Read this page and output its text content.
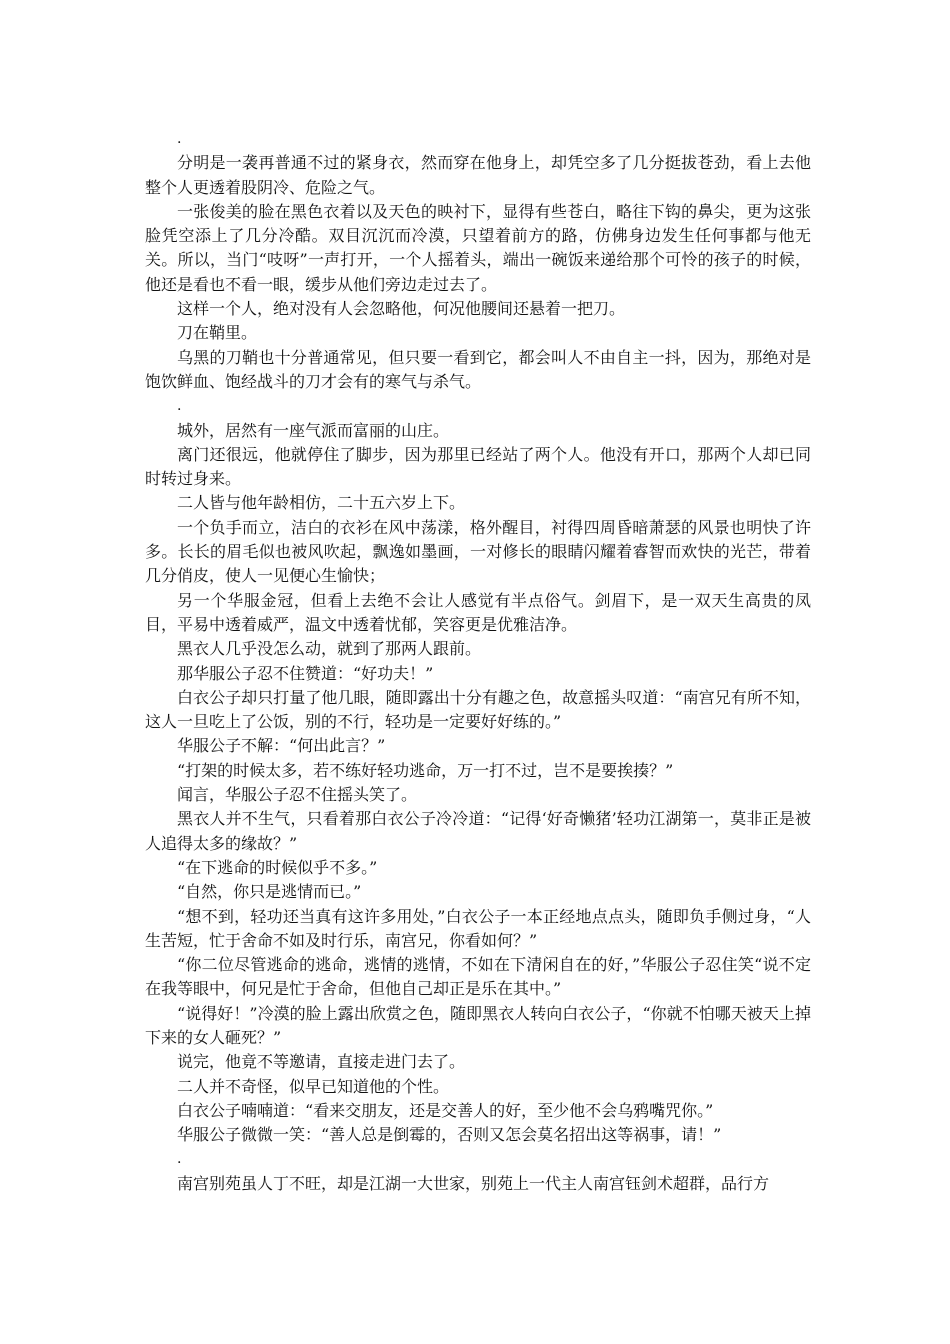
.

分明是一袭再普通不过的紧身衣，然而穿在他身上，却凭空多了几分挺拔苍劲，看上去他整个人更透着股阴冷、危险之气。

一张俊美的脸在黑色衣着以及天色的映衬下，显得有些苍白，略往下钩的鼻尖，更为这张脸凭空添上了几分冷酷。双目沉沉而冷漠，只望着前方的路，仿佛身边发生任何事都与他无关。所以，当门“吱呀”一声打开，一个人摇着头，端出一碗饭来递给那个可怜的孩子的时候，他还是看也不看一眼，缓步从他们旁边走过去了。

这样一个人，绝对没有人会忽略他，何况他腰间还悬着一把刀。

刀在鞘里。

乌黑的刀鞘也十分普通常见，但只要一看到它，都会叫人不由自主一抖，因为，那绝对是饱饮鲜血、饱经战斗的刀才会有的寒气与杀气。

.

城外，居然有一座气派而富丽的山庄。

离门还很远，他就停住了脚步，因为那里已经站了两个人。他没有开口，那两个人却已同时转过身来。

二人皆与他年龄相仿，二十五六岁上下。

一个负手而立，洁白的衣衫在风中荡漾，格外醒目，衬得四周昏暗萧瑟的风景也明快了许多。长长的眉毛似也被风吹起，飘逸如墨画，一对修长的眼睛闪耀着睿智而欢快的光芒，带着几分俏皮，使人一见便心生愉快；

另一个华服金冠，但看上去绝不会让人感觉有半点俗气。剑眉下，是一双天生高贵的凤目，平易中透着威严，温文中透着忧郁，笑容更是优雅洁净。

黑衣人几乎没怎么动，就到了那两人跟前。

那华服公子忍不住赞道：“好功夫！”

白衣公子却只打量了他几眼，随即露出十分有趣之色，故意摇头叹道：“南宫兄有所不知，这人一旦吃上了公饭，别的不行，轻功是一定要好好练的。”

华服公子不解：“何出此言？”

“打架的时候太多，若不练好轻功逃命，万一打不过，岂不是要挨揍？”

闻言，华服公子忍不住摇头笑了。

黑衣人并不生气，只看着那白衣公子冷冷道：“记得‘好奇懒猪’轻功江湖第一，莫非正是被人追得太多的缘故？”

“在下逃命的时候似乎不多。”

“自然，你只是逃情而已。”

“想不到，轻功还当真有这许多用处，”白衣公子一本正经地点点头，随即负手侧过身，“人生苦短，忙于舍命不如及时行乐，南宫兄，你看如何？”

“你二位尽管逃命的逃命，逃情的逃情，不如在下清闲自在的好，”华服公子忍住笑“说不定在我等眼中，何兄是忙于舍命，但他自己却正是乐在其中。”

“说得好！”冷漠的脸上露出欣赏之色，随即黑衣人转向白衣公子，“你就不怕哪天被天上掉下来的女人砸死？”

说完，他竟不等邀请，直接走进门去了。

二人并不奇怪，似早已知道他的个性。

白衣公子喃喃道：“看来交朋友，还是交善人的好，至少他不会乌鸦嘴咒你。”

华服公子微微一笑：“善人总是倒霉的，否则又怎会莫名招出这等祸事，请！”

.

南宫别苑虽人丁不旺，却是江湖一大世家，别苑上一代主人南宫钰剑术超群，品行方
